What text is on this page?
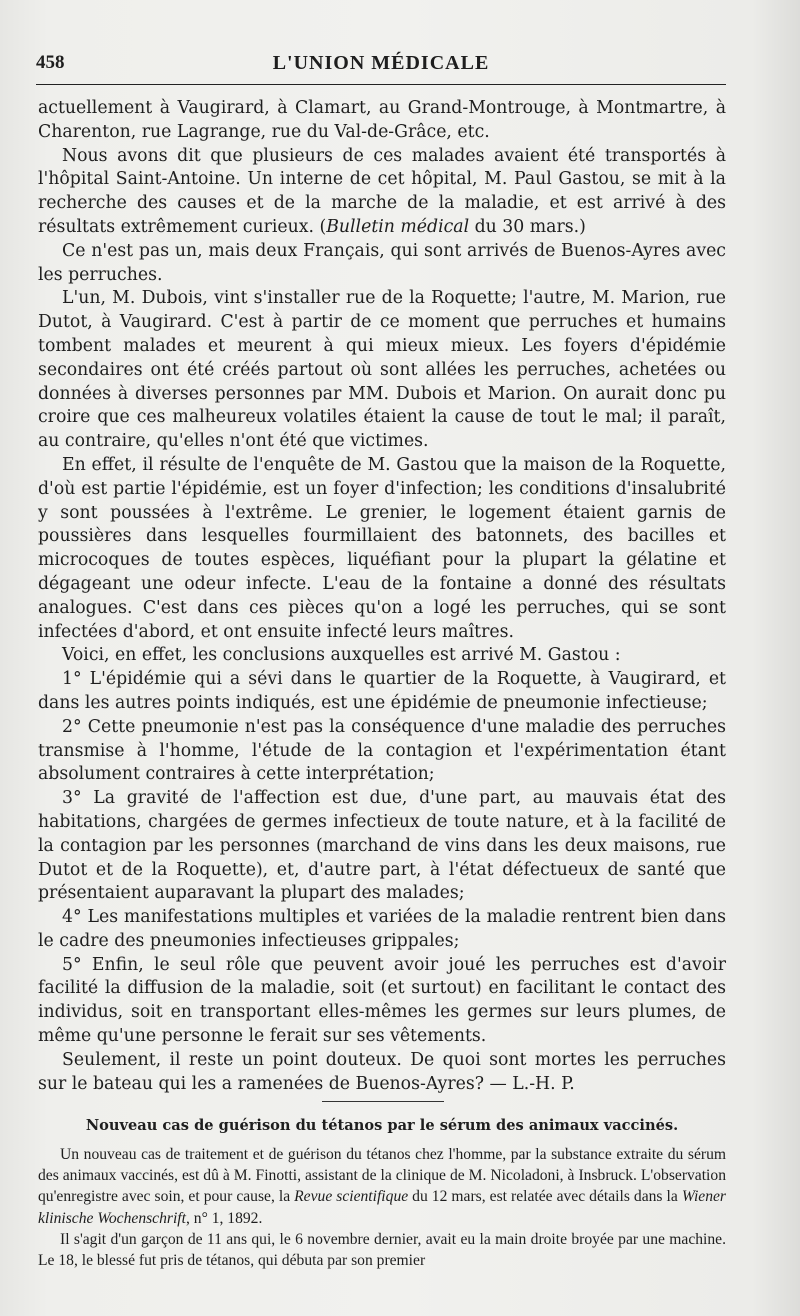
458	L'UNION MÉDICALE

actuellement à Vaugirard, à Clamart, au Grand-Montrouge, à Montmartre, à Charenton, rue Lagrange, rue du Val-de-Grâce, etc.

Nous avons dit que plusieurs de ces malades avaient été transportés à l'hôpital Saint-Antoine. Un interne de cet hôpital, M. Paul Gastou, se mit à la recherche des causes et de la marche de la maladie, et est arrivé à des résultats extrêmement curieux. (Bulletin médical du 30 mars.)

Ce n'est pas un, mais deux Français, qui sont arrivés de Buenos-Ayres avec les perruches.

L'un, M. Dubois, vint s'installer rue de la Roquette; l'autre, M. Marion, rue Dutot, à Vaugirard. C'est à partir de ce moment que perruches et humains tombent malades et meurent à qui mieux mieux. Les foyers d'épidémie secondaires ont été créés partout où sont allées les perruches, achetées ou données à diverses personnes par MM. Dubois et Marion. On aurait donc pu croire que ces malheureux volatiles étaient la cause de tout le mal; il paraît, au contraire, qu'elles n'ont été que victimes.

En effet, il résulte de l'enquête de M. Gastou que la maison de la Roquette, d'où est partie l'épidémie, est un foyer d'infection; les conditions d'insalubrité y sont poussées à l'extrême. Le grenier, le logement étaient garnis de poussières dans lesquelles fourmillaient des batonnets, des bacilles et microcoques de toutes espèces, liquéfiant pour la plupart la gélatine et dégageant une odeur infecte. L'eau de la fontaine a donné des résultats analogues. C'est dans ces pièces qu'on a logé les perruches, qui se sont infectées d'abord, et ont ensuite infecté leurs maîtres.

Voici, en effet, les conclusions auxquelles est arrivé M. Gastou :

1° L'épidémie qui a sévi dans le quartier de la Roquette, à Vaugirard, et dans les autres points indiqués, est une épidémie de pneumonie infectieuse;

2° Cette pneumonie n'est pas la conséquence d'une maladie des perruches transmise à l'homme, l'étude de la contagion et l'expérimentation étant absolument contraires à cette interprétation;

3° La gravité de l'affection est due, d'une part, au mauvais état des habitations, chargées de germes infectieux de toute nature, et à la facilité de la contagion par les personnes (marchand de vins dans les deux maisons, rue Dutot et de la Roquette), et, d'autre part, à l'état défectueux de santé que présentaient auparavant la plupart des malades;

4° Les manifestations multiples et variées de la maladie rentrent bien dans le cadre des pneumonies infectieuses grippales;

5° Enfin, le seul rôle que peuvent avoir joué les perruches est d'avoir facilité la diffusion de la maladie, soit (et surtout) en facilitant le contact des individus, soit en transportant elles-mêmes les germes sur leurs plumes, de même qu'une personne le ferait sur ses vêtements.

Seulement, il reste un point douteux. De quoi sont mortes les perruches sur le bateau qui les a ramenées de Buenos-Ayres? — L.-H. P.

Nouveau cas de guérison du tétanos par le sérum des animaux vaccinés.

Un nouveau cas de traitement et de guérison du tétanos chez l'homme, par la substance extraite du sérum des animaux vaccinés, est dû à M. Finotti, assistant de la clinique de M. Nicoladoni, à Insbruck. L'observation qu'enregistre avec soin, et pour cause, la Revue scientifique du 12 mars, est relatée avec détails dans la Wiener klinische Wochenschrift, n° 1, 1892.

Il s'agit d'un garçon de 11 ans qui, le 6 novembre dernier, avait eu la main droite broyée par une machine. Le 18, le blessé fut pris de tétanos, qui débuta par son premier
